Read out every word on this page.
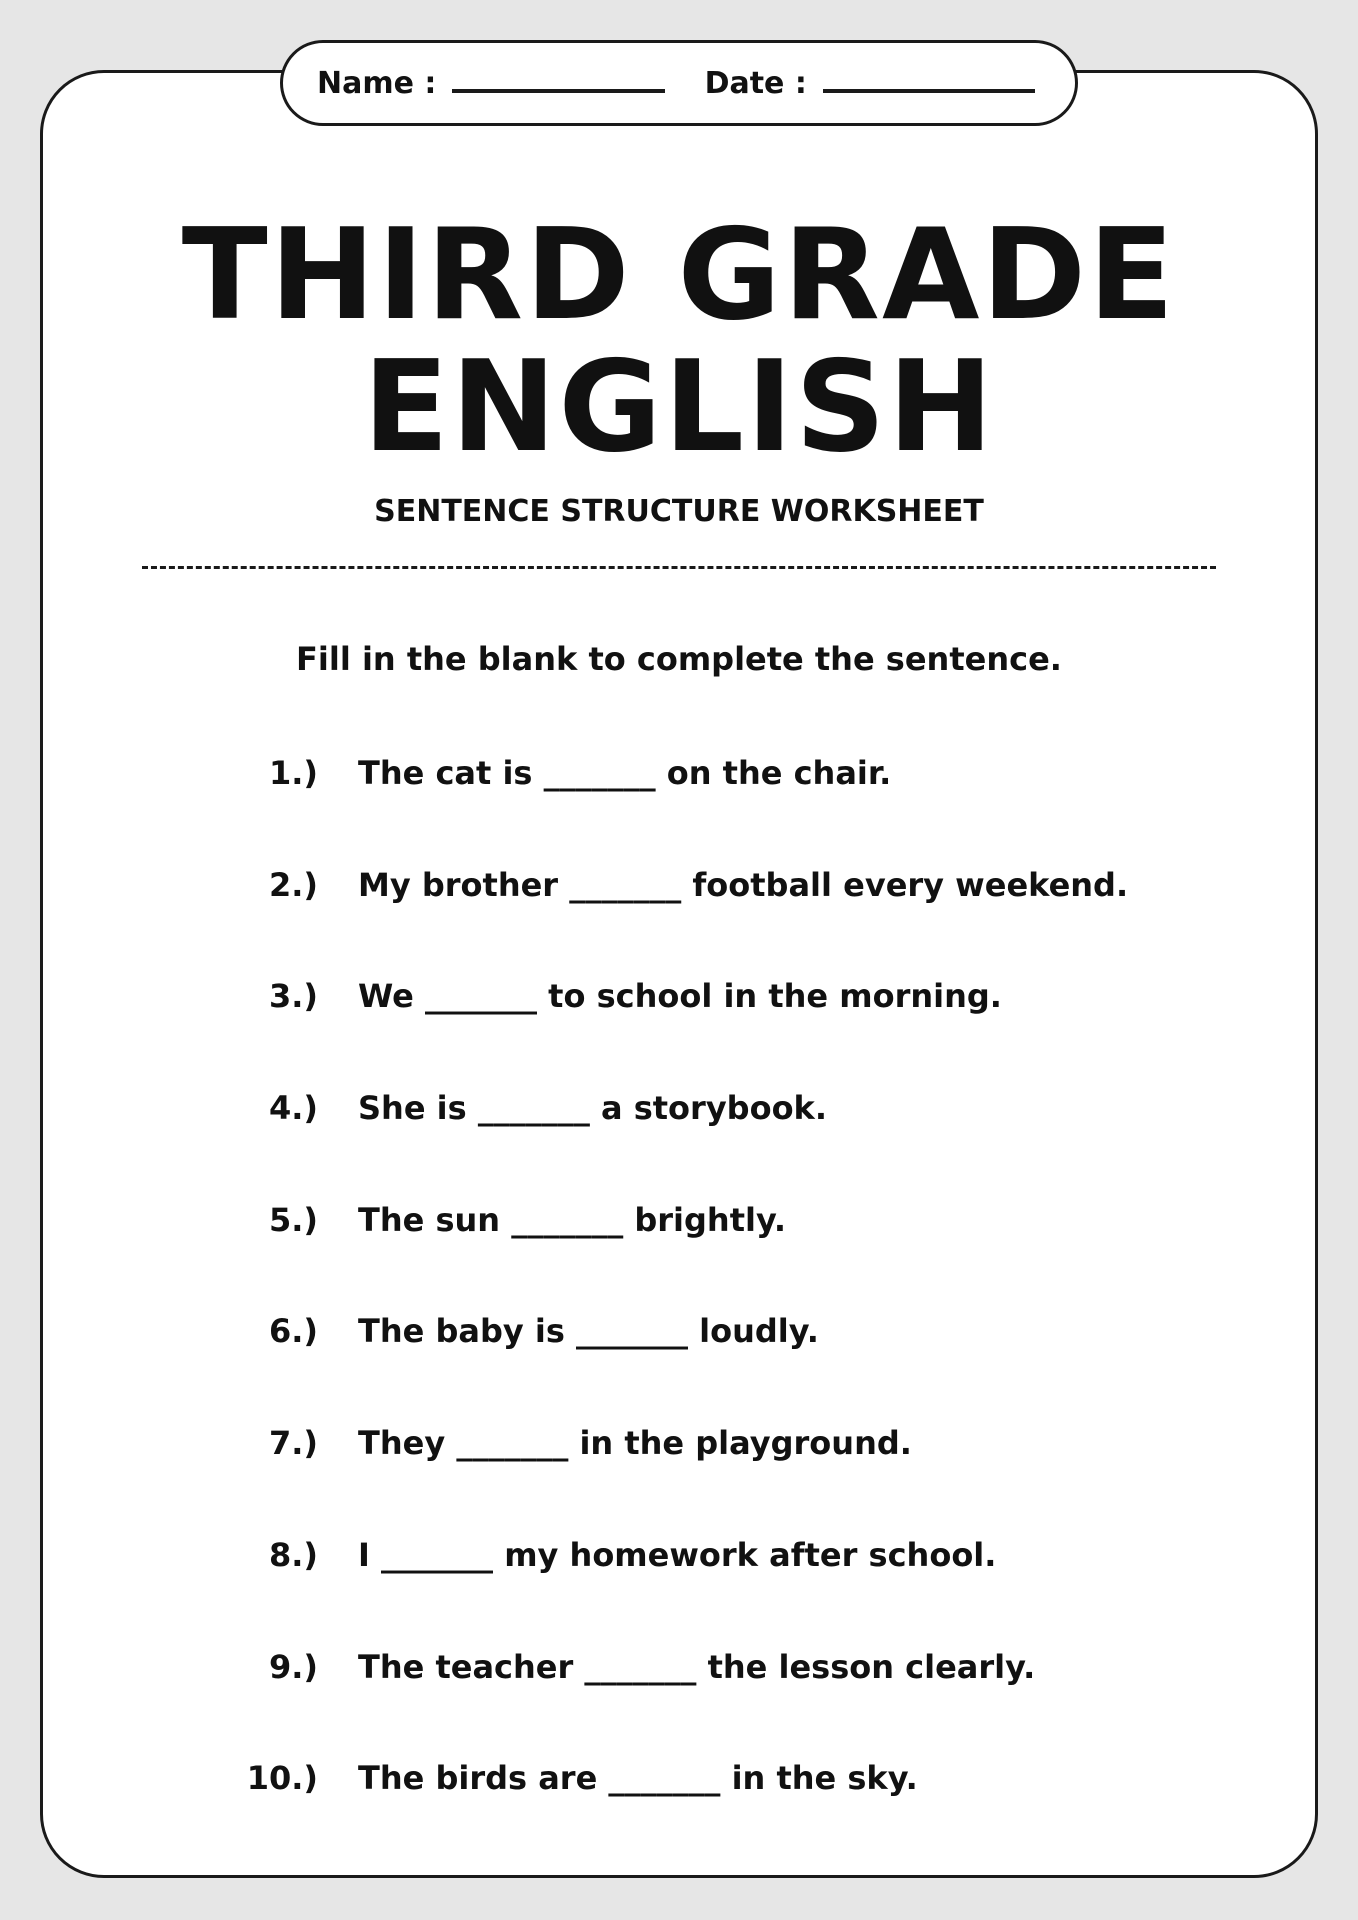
Name :	Date :
THIRD GRADE
ENGLISH
SENTENCE STRUCTURE WORKSHEET
Fill in the blank to complete the sentence.
1.) The cat is _______ on the chair.
2.) My brother _______ football every weekend.
3.) We _______ to school in the morning.
4.) She is _______ a storybook.
5.) The sun _______ brightly.
6.) The baby is _______ loudly.
7.) They _______ in the playground.
8.) I _______ my homework after school.
9.) The teacher _______ the lesson clearly.
10.) The birds are _______ in the sky.
